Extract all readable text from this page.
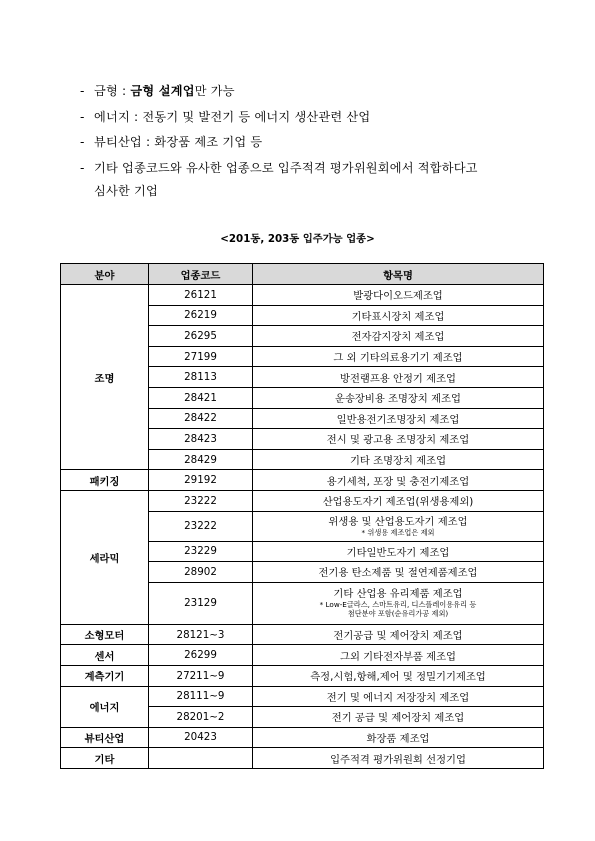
- 금형 : 금형 설계업만 가능
- 에너지 : 전동기 및 발전기 등 에너지 생산관련 산업
- 뷰티산업 : 화장품 제조 기업 등
- 기타 업종코드와 유사한 업종으로 입주적격 평가위원회에서 적합하다고
심사한 기업
<201동, 203동 입주가능 업종>
분야	업종코드	항목명
조명	26121	발광다이오드제조업
	26219	기타표시장치 제조업
	26295	전자감지장치 제조업
	27199	그 외 기타의료용기기 제조업
	28113	방전램프용 안정기 제조업
	28421	운송장비용 조명장치 제조업
	28422	일반용전기조명장치 제조업
	28423	전시 및 광고용 조명장치 제조업
	28429	기타 조명장치 제조업
패키징	29192	용기세척, 포장 및 충전기제조업
세라믹	23222	산업용도자기 제조업(위생용제외)
	23222	위생용 및 산업용도자기 제조업
* 위생용 제조업은 제외

	23229	기타일반도자기 제조업
	28902	전기용 탄소제품 및 절연제품제조업
	23129	기타 산업용 유리제품 제조업
* Low-E글라스, 스마트유리, 디스플레이용유리 등
첨단분야 포함(순유리가공 제외)

소형모터	28121~3	전기공급 및 제어장치 제조업
센서	26299	그외 기타전자부품 제조업
계측기기	27211~9	측정,시험,항해,제어 및 정밀기기제조업
에너지	28111~9	전기 및 에너지 저장장치 제조업
	28201~2	전기 공급 및 제어장치 제조업
뷰티산업	20423	화장품 제조업
기타		입주적격 평가위원회 선정기업
